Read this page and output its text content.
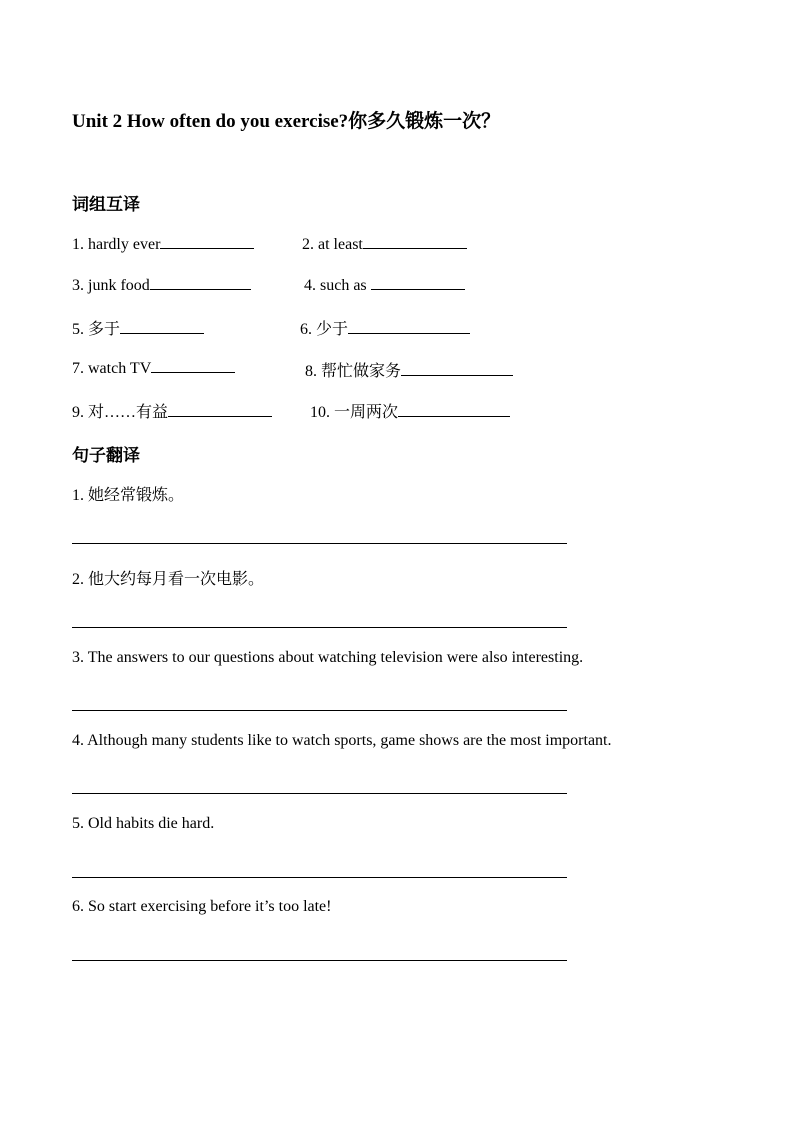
Unit 2 How often do you exercise?你多久锻炼一次？
词组互译
1. hardly ever	2. at least
3. junk food	4. such as
5. 多于	6. 少于
7. watch TV	8. 帮忙做家务
9. 对……有益	10. 一周两次
句子翻译
1. 她经常锻炼。
2. 他大约每月看一次电影。
3. The answers to our questions about watching television were also interesting.
4. Although many students like to watch sports, game shows are the most important.
5. Old habits die hard.
6. So start exercising before it’s too late!
